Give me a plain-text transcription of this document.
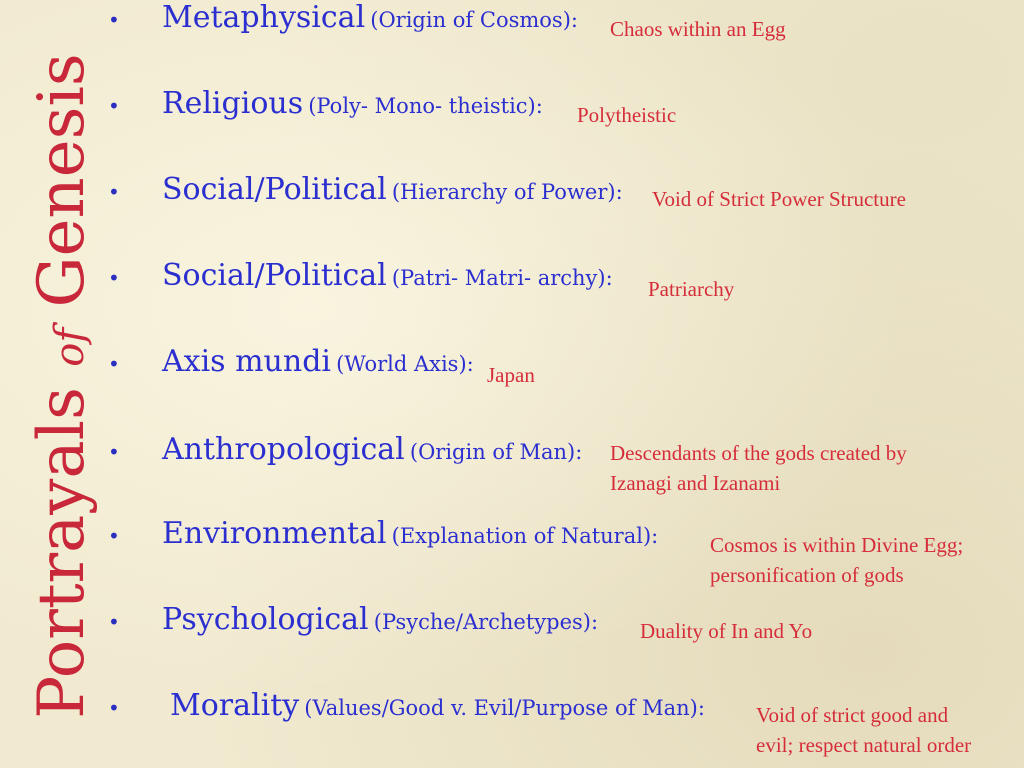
Portrayals of Genesis
• Metaphysical (Origin of Cosmos): Chaos within an Egg
• Religious (Poly- Mono- theistic): Polytheistic
• Social/Political (Hierarchy of Power): Void of Strict Power Structure
• Social/Political (Patri- Matri- archy): Patriarchy
• Axis mundi (World Axis): Japan
• Anthropological (Origin of Man): Descendants of the gods created by
Izanagi and Izanami
• Environmental (Explanation of Natural): Cosmos is within Divine Egg;
personification of gods
• Psychological (Psyche/Archetypes): Duality of In and Yo
• Morality (Values/Good v. Evil/Purpose of Man): Void of strict good and
evil; respect natural order
